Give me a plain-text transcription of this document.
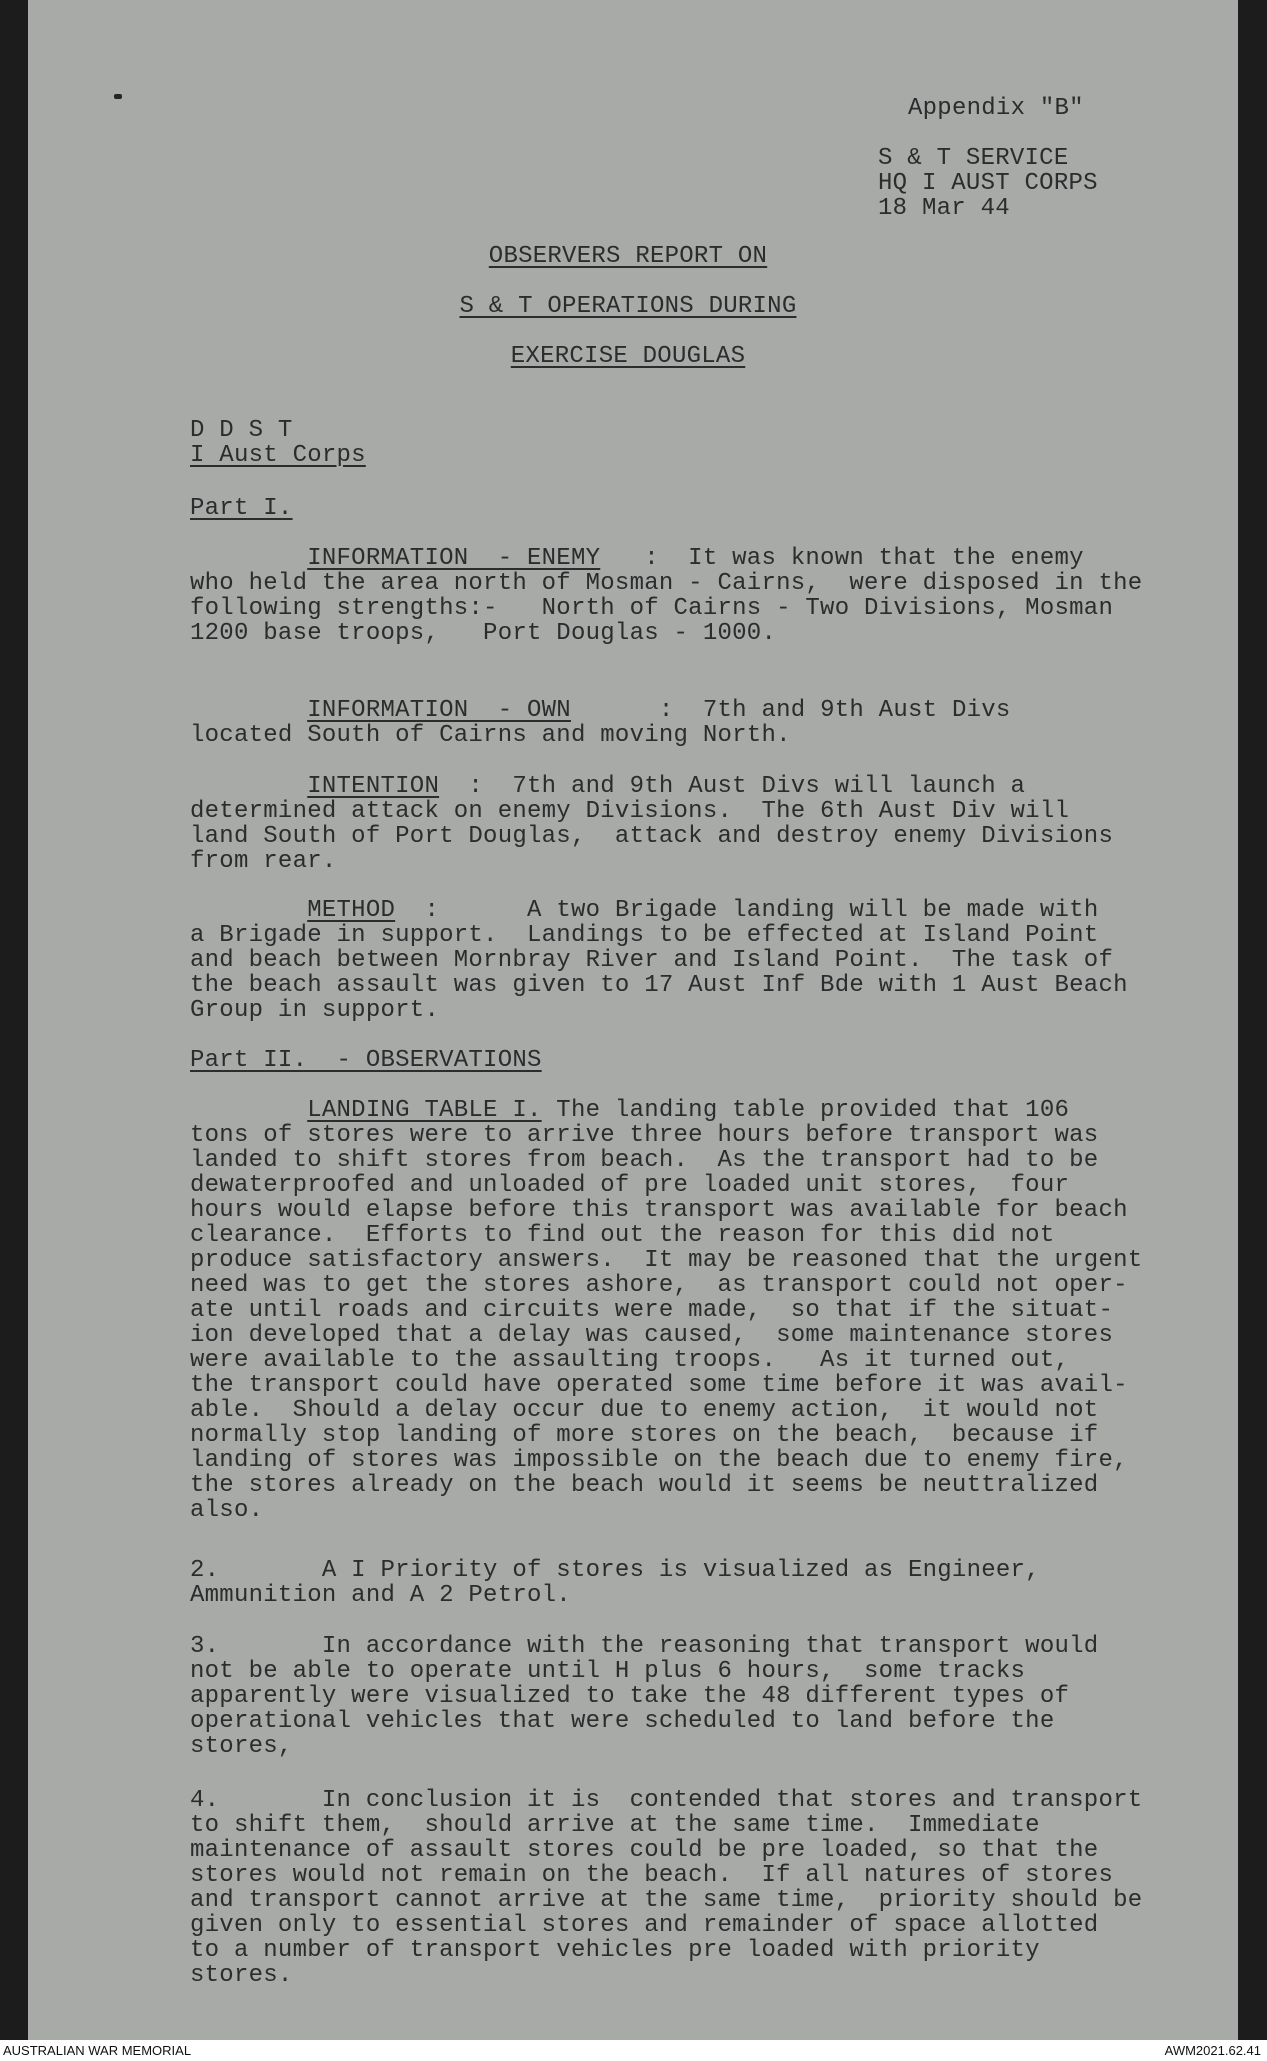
Appendix "B"
S & T SERVICE
HQ I AUST CORPS
18 Mar 44
OBSERVERS REPORT ON
S & T OPERATIONS DURING
EXERCISE DOUGLAS
D D S T
I Aust Corps
Part I.
INFORMATION  - ENEMY   :  It was known that the enemy
who held the area north of Mosman - Cairns,  were disposed in the
following strengths:-   North of Cairns - Two Divisions, Mosman
1200 base troops,   Port Douglas - 1000.
INFORMATION  - OWN      :  7th and 9th Aust Divs
located South of Cairns and moving North.
INTENTION  :  7th and 9th Aust Divs will launch a
determined attack on enemy Divisions.  The 6th Aust Div will
land South of Port Douglas,  attack and destroy enemy Divisions
from rear.
METHOD  :      A two Brigade landing will be made with
a Brigade in support.  Landings to be effected at Island Point
and beach between Mornbray River and Island Point.  The task of
the beach assault was given to 17 Aust Inf Bde with 1 Aust Beach
Group in support.
Part II.  - OBSERVATIONS
LANDING TABLE I. The landing table provided that 106
tons of stores were to arrive three hours before transport was
landed to shift stores from beach.  As the transport had to be
dewaterproofed and unloaded of pre loaded unit stores,  four
hours would elapse before this transport was available for beach
clearance.  Efforts to find out the reason for this did not
produce satisfactory answers.  It may be reasoned that the urgent
need was to get the stores ashore,  as transport could not oper-
ate until roads and circuits were made,  so that if the situat-
ion developed that a delay was caused,  some maintenance stores
were available to the assaulting troops.   As it turned out,
the transport could have operated some time before it was avail-
able.  Should a delay occur due to enemy action,  it would not
normally stop landing of more stores on the beach,  because if
landing of stores was impossible on the beach due to enemy fire,
the stores already on the beach would it seems be neuttralized
also.
2.       A I Priority of stores is visualized as Engineer,
Ammunition and A 2 Petrol.
3.       In accordance with the reasoning that transport would
not be able to operate until H plus 6 hours,  some tracks
apparently were visualized to take the 48 different types of
operational vehicles that were scheduled to land before the
stores,
4.       In conclusion it is  contended that stores and transport
to shift them,  should arrive at the same time.  Immediate
maintenance of assault stores could be pre loaded, so that the
stores would not remain on the beach.  If all natures of stores
and transport cannot arrive at the same time,  priority should be
given only to essential stores and remainder of space allotted
to a number of transport vehicles pre loaded with priority
stores.
AUSTRALIAN WAR MEMORIAL	AWM2021.62.41
